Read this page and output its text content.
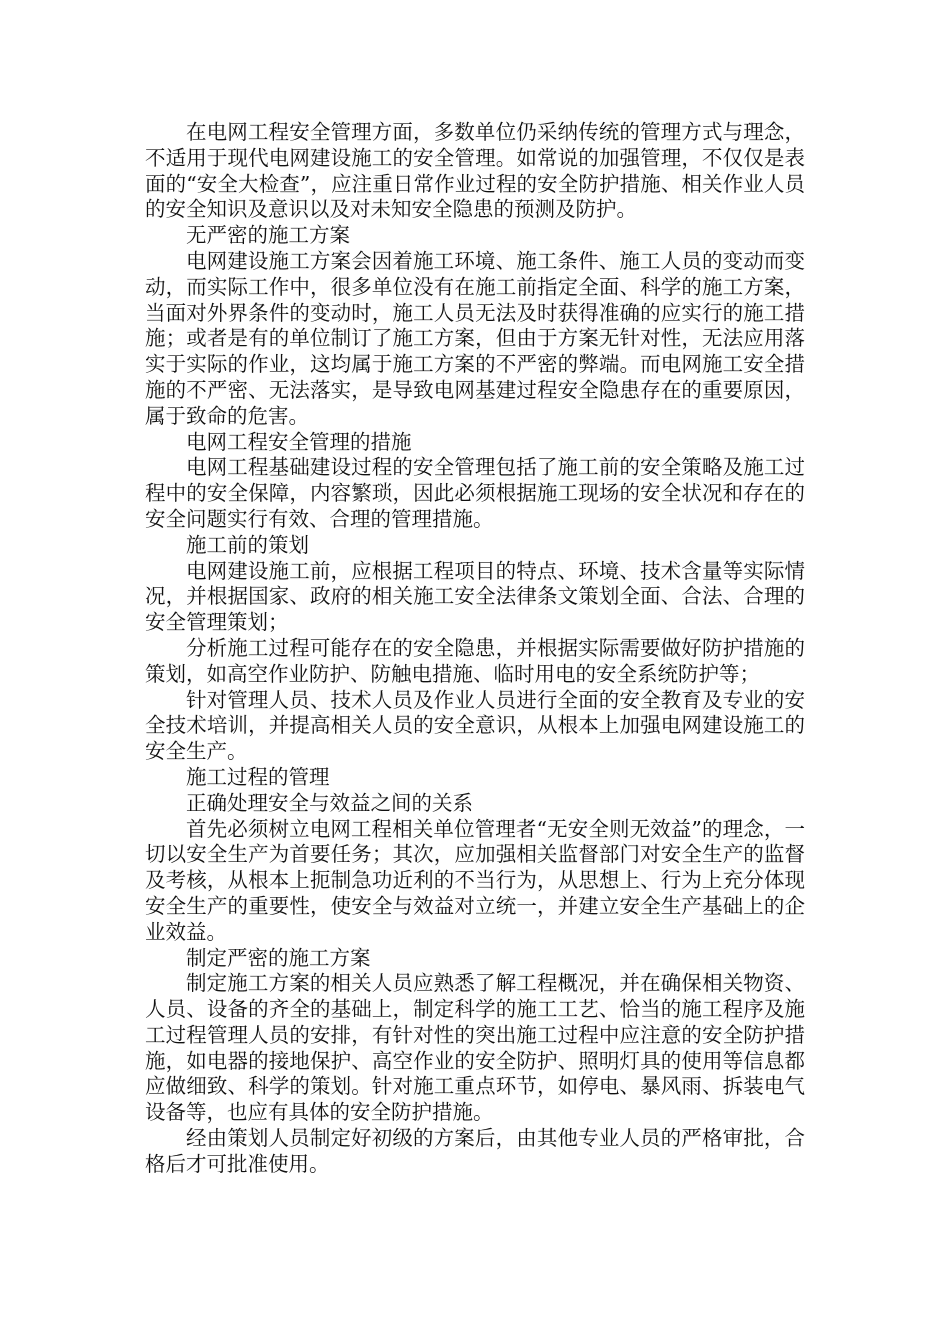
在电网工程安全管理方面，多数单位仍采纳传统的管理方式与理念，不适用于现代电网建设施工的安全管理。如常说的加强管理，不仅仅是表面的“安全大检查”，应注重日常作业过程的安全防护措施、相关作业人员的安全知识及意识以及对未知安全隐患的预测及防护。

无严密的施工方案

电网建设施工方案会因着施工环境、施工条件、施工人员的变动而变动，而实际工作中，很多单位没有在施工前指定全面、科学的施工方案，当面对外界条件的变动时，施工人员无法及时获得准确的应实行的施工措施；或者是有的单位制订了施工方案，但由于方案无针对性，无法应用落实于实际的作业，这均属于施工方案的不严密的弊端。而电网施工安全措施的不严密、无法落实，是导致电网基建过程安全隐患存在的重要原因，属于致命的危害。

电网工程安全管理的措施

电网工程基础建设过程的安全管理包括了施工前的安全策略及施工过程中的安全保障，内容繁琐，因此必须根据施工现场的安全状况和存在的安全问题实行有效、合理的管理措施。

施工前的策划

电网建设施工前，应根据工程项目的特点、环境、技术含量等实际情况，并根据国家、政府的相关施工安全法律条文策划全面、合法、合理的安全管理策划；

分析施工过程可能存在的安全隐患，并根据实际需要做好防护措施的策划，如高空作业防护、防触电措施、临时用电的安全系统防护等；

针对管理人员、技术人员及作业人员进行全面的安全教育及专业的安全技术培训，并提高相关人员的安全意识，从根本上加强电网建设施工的安全生产。

施工过程的管理

正确处理安全与效益之间的关系

首先必须树立电网工程相关单位管理者“无安全则无效益”的理念，一切以安全生产为首要任务；其次，应加强相关监督部门对安全生产的监督及考核，从根本上扼制急功近利的不当行为，从思想上、行为上充分体现安全生产的重要性，使安全与效益对立统一，并建立安全生产基础上的企业效益。

制定严密的施工方案

制定施工方案的相关人员应熟悉了解工程概况，并在确保相关物资、人员、设备的齐全的基础上，制定科学的施工工艺、恰当的施工程序及施工过程管理人员的安排，有针对性的突出施工过程中应注意的安全防护措施，如电器的接地保护、高空作业的安全防护、照明灯具的使用等信息都应做细致、科学的策划。针对施工重点环节，如停电、暴风雨、拆装电气设备等，也应有具体的安全防护措施。

经由策划人员制定好初级的方案后，由其他专业人员的严格审批，合格后才可批准使用。
